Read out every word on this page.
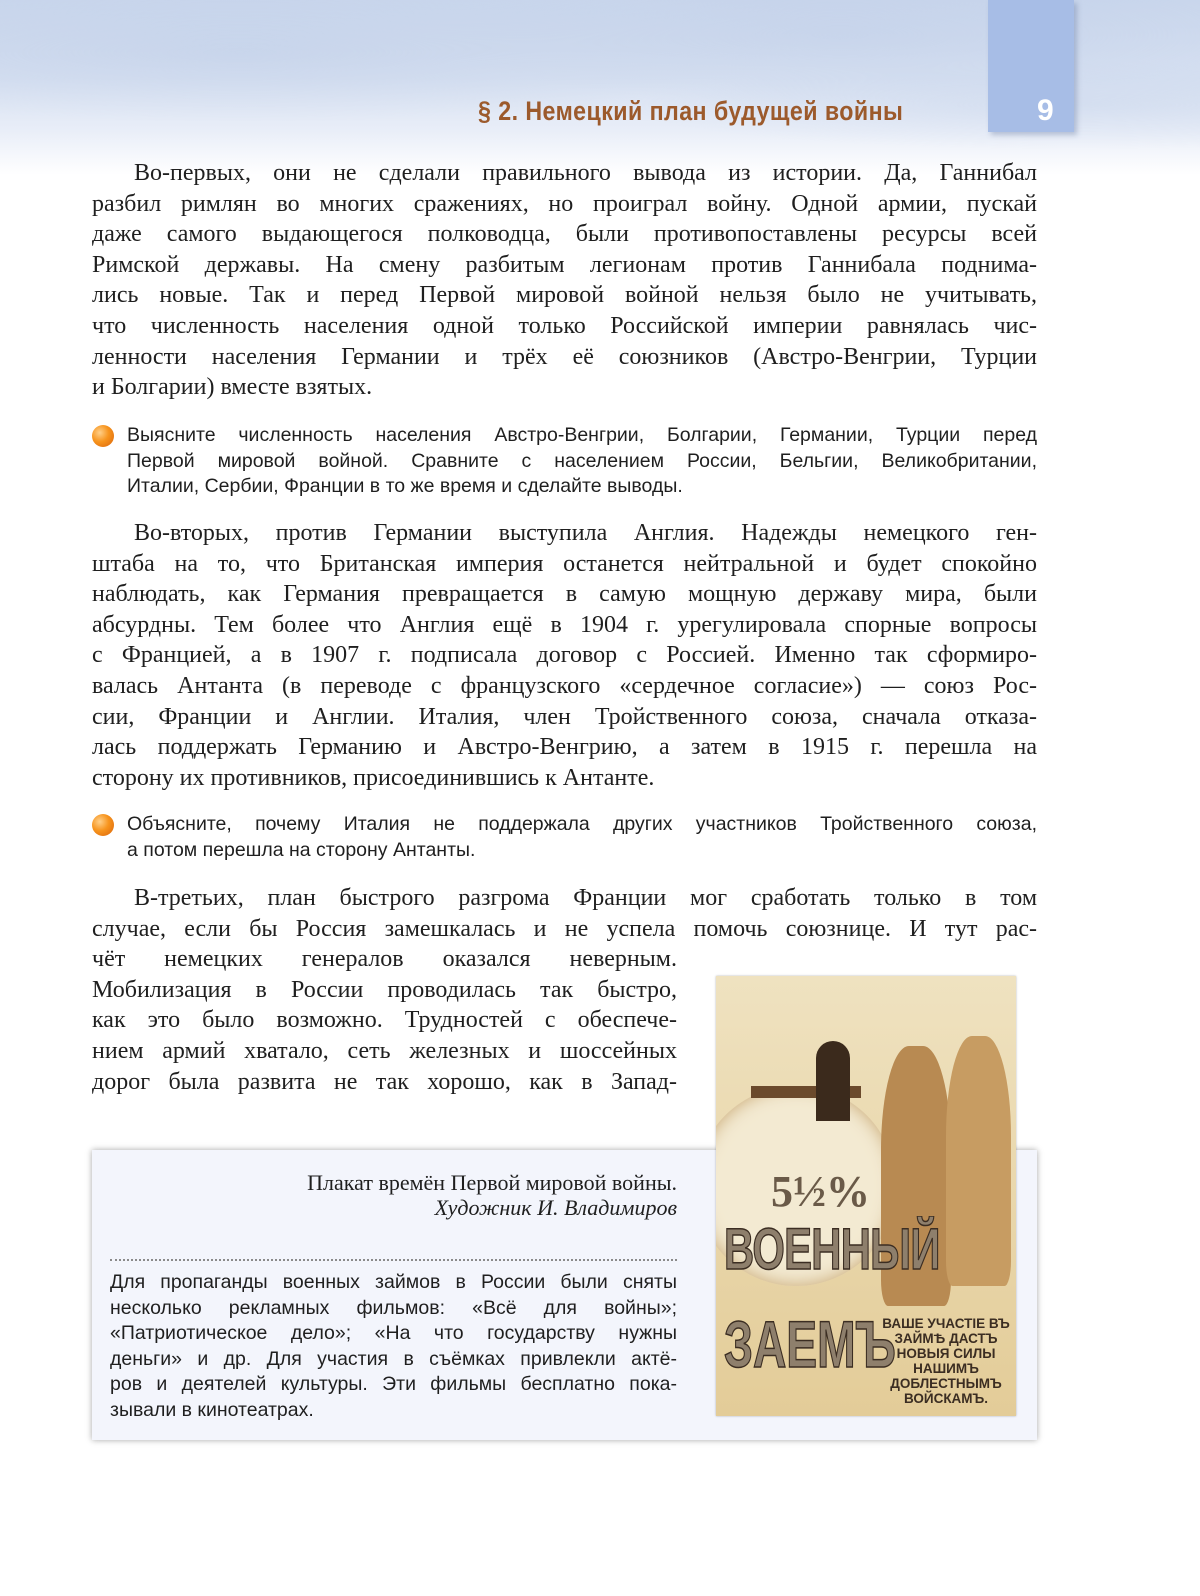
§ 2. Немецкий план будущей войны	9
Во-первых, они не сделали правильного вывода из истории. Да, Ганнибал
разбил римлян во многих сражениях, но проиграл войну. Одной армии, пускай
даже самого выдающегося полководца, были противопоставлены ресурсы всей
Римской державы. На смену разбитым легионам против Ганнибала поднима-
лись новые. Так и перед Первой мировой войной нельзя было не учитывать,
что численность населения одной только Российской империи равнялась чис-
ленности населения Германии и трёх её союзников (Австро-Венгрии, Турции
и Болгарии) вместе взятых.
Выясните численность населения Австро-Венгрии, Болгарии, Германии, Турции перед
Первой мировой войной. Сравните с населением России, Бельгии, Великобритании,
Италии, Сербии, Франции в то же время и сделайте выводы.
Во-вторых, против Германии выступила Англия. Надежды немецкого ген-
штаба на то, что Британская империя останется нейтральной и будет спокойно
наблюдать, как Германия превращается в самую мощную державу мира, были
абсурдны. Тем более что Англия ещё в 1904 г. урегулировала спорные вопросы
с Францией, а в 1907 г. подписала договор с Россией. Именно так сформиро-
валась Антанта (в переводе с французского «сердечное согласие») — союз Рос-
сии, Франции и Англии. Италия, член Тройственного союза, сначала отказа-
лась поддержать Германию и Австро-Венгрию, а затем в 1915 г. перешла на
сторону их противников, присоединившись к Антанте.
Объясните, почему Италия не поддержала других участников Тройственного союза,
а потом перешла на сторону Антанты.
В-третьих, план быстрого разгрома Франции мог сработать только в том
случае, если бы Россия замешкалась и не успела помочь союзнице. И тут рас-
чёт немецких генералов оказался неверным.
Мобилизация в России проводилась так быстро,
как это было возможно. Трудностей с обеспече-
нием армий хватало, сеть железных и шоссейных
дорог была развита не так хорошо, как в Запад-
Плакат времён Первой мировой войны.
Художник И. Владимиров
Для пропаганды военных займов в России были сняты
несколько рекламных фильмов: «Всё для войны»;
«Патриотическое дело»; «На что государству нужны
деньги» и др. Для участия в съёмках привлекли актё-
ров и деятелей культуры. Эти фильмы бесплатно пока-
зывали в кинотеатрах.
5½%
ВОЕННЫЙ
ЗАЕМЪ
ВАШЕ УЧАСТІЕ ВЪ
ЗАЙМѢ ДАСТЪ
НОВЫЯ СИЛЫ
НАШИМЪ
ДОБЛЕСТНЫМЪ
ВОЙСКАМЪ.
